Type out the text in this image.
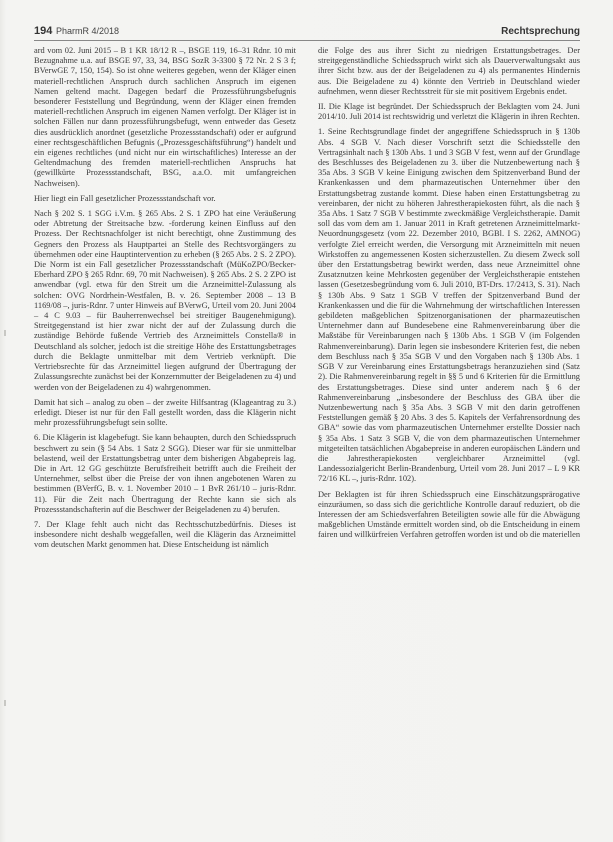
194 PharmR 4/2018	Rechtsprechung

ard vom 02. Juni 2015 – B 1 KR 18/12 R –, BSGE 119, 16–31 Rdnr. 10 mit Bezugnahme u.a. auf BSGE 97, 33, 34, BSG SozR 3-3300 § 72 Nr. 2 S 3 f; BVerwGE 7, 150, 154). So ist ohne weiteres gegeben, wenn der Kläger einen materiell-rechtlichen Anspruch durch sachlichen Anspruch im eigenen Namen geltend macht. Dagegen bedarf die Prozessführungsbefugnis besonderer Feststellung und Begründung, wenn der Kläger einen fremden materiell-rechtlichen Anspruch im eigenen Namen verfolgt. Der Kläger ist in solchen Fällen nur dann prozessführungsbefugt, wenn entweder das Gesetz dies ausdrücklich anordnet (gesetzliche Prozessstandschaft) oder er aufgrund einer rechtsgeschäftlichen Befugnis („Prozessgeschäftsführung“) handelt und ein eigenes rechtliches (und nicht nur ein wirtschaftliches) Interesse an der Geltendmachung des fremden materiell-rechtlichen Anspruchs hat (gewillkürte Prozessstandschaft, BSG, a.a.O. mit umfangreichen Nachweisen).

Hier liegt ein Fall gesetzlicher Prozessstandschaft vor.

Nach § 202 S. 1 SGG i.V.m. § 265 Abs. 2 S. 1 ZPO hat eine Veräußerung oder Abtretung der Streitsache bzw. -forderung keinen Einfluss auf den Prozess. Der Rechtsnachfolger ist nicht berechtigt, ohne Zustimmung des Gegners den Prozess als Hauptpartei an Stelle des Rechtsvorgängers zu übernehmen oder eine Hauptintervention zu erheben (§ 265 Abs. 2 S. 2 ZPO). Die Norm ist ein Fall gesetzlicher Prozessstandschaft (MüKoZPO/Becker-Eberhard ZPO § 265 Rdnr. 69, 70 mit Nachweisen). § 265 Abs. 2 S. 2 ZPO ist anwendbar (vgl. etwa für den Streit um die Arzneimittel-Zulassung als solchen: OVG Nordrhein-Westfalen, B. v. 26. September 2008 – 13 B 1169/08 –, juris-Rdnr. 7 unter Hinweis auf BVerwG, Urteil vom 20. Juni 2004 – 4 C 9.03 – für Bauherrenwechsel bei streitiger Baugenehmigung). Streitgegenstand ist hier zwar nicht der auf der Zulassung durch die zuständige Behörde fußende Vertrieb des Arzneimittels Constella® in Deutschland als solcher, jedoch ist die streitige Höhe des Erstattungsbetrages durch die Beklagte unmittelbar mit dem Vertrieb verknüpft. Die Vertriebsrechte für das Arzneimittel liegen aufgrund der Übertragung der Zulassungsrechte zunächst bei der Konzernmutter der Beigeladenen zu 4) und werden von der Beigeladenen zu 4) wahrgenommen.

Damit hat sich – analog zu oben – der zweite Hilfsantrag (Klageantrag zu 3.) erledigt. Dieser ist nur für den Fall gestellt worden, dass die Klägerin nicht mehr prozessführungsbefugt sein sollte.

6. Die Klägerin ist klagebefugt. Sie kann behaupten, durch den Schiedsspruch beschwert zu sein (§ 54 Abs. 1 Satz 2 SGG). Dieser war für sie unmittelbar belastend, weil der Erstattungsbetrag unter dem bisherigen Abgabepreis lag. Die in Art. 12 GG geschützte Berufsfreiheit betrifft auch die Freiheit der Unternehmer, selbst über die Preise der von ihnen angebotenen Waren zu bestimmen (BVerfG, B. v. 1. November 2010 – 1 BvR 261/10 – juris-Rdnr. 11). Für die Zeit nach Übertragung der Rechte kann sie sich als Prozessstandschafterin auf die Beschwer der Beigeladenen zu 4) berufen.

7. Der Klage fehlt auch nicht das Rechtsschutzbedürfnis. Dieses ist insbesondere nicht deshalb weggefallen, weil die Klägerin das Arzneimittel vom deutschen Markt genommen hat. Diese Entscheidung ist nämlich

die Folge des aus ihrer Sicht zu niedrigen Erstattungsbetrages. Der streitgegenständliche Schiedsspruch wirkt sich als Dauerverwaltungsakt aus ihrer Sicht bzw. aus der der Beigeladenen zu 4) als permanentes Hindernis aus. Die Beigeladene zu 4) könnte den Vertrieb in Deutschland wieder aufnehmen, wenn dieser Rechtsstreit für sie mit positivem Ergebnis endet.

II. Die Klage ist begründet. Der Schiedsspruch der Beklagten vom 24. Juni 2014/10. Juli 2014 ist rechtswidrig und verletzt die Klägerin in ihren Rechten.

1. Seine Rechtsgrundlage findet der angegriffene Schiedsspruch in § 130b Abs. 4 SGB V. Nach dieser Vorschrift setzt die Schiedsstelle den Vertragsinhalt nach § 130b Abs. 1 und 3 SGB V fest, wenn auf der Grundlage des Beschlusses des Beigeladenen zu 3. über die Nutzenbewertung nach § 35a Abs. 3 SGB V keine Einigung zwischen dem Spitzenverband Bund der Krankenkassen und dem pharmazeutischen Unternehmer über den Erstattungsbetrag zustande kommt. Diese haben einen Erstattungsbetrag zu vereinbaren, der nicht zu höheren Jahrestherapiekosten führt, als die nach § 35a Abs. 1 Satz 7 SGB V bestimmte zweckmäßige Vergleichstherapie. Damit soll das vom dem am 1. Januar 2011 in Kraft getretenen Arzneimittelmarkt-Neuordnungsgesetz (vom 22. Dezember 2010, BGBl. I S. 2262, AMNOG) verfolgte Ziel erreicht werden, die Versorgung mit Arzneimitteln mit neuen Wirkstoffen zu angemessenen Kosten sicherzustellen. Zu diesem Zweck soll über den Erstattungsbetrag bewirkt werden, dass neue Arzneimittel ohne Zusatznutzen keine Mehrkosten gegenüber der Vergleichstherapie entstehen lassen (Gesetzesbegründung vom 6. Juli 2010, BT-Drs. 17/2413, S. 31). Nach § 130b Abs. 9 Satz 1 SGB V treffen der Spitzenverband Bund der Krankenkassen und die für die Wahrnehmung der wirtschaftlichen Interessen gebildeten maßgeblichen Spitzenorganisationen der pharmazeutischen Unternehmer dann auf Bundesebene eine Rahmenvereinbarung über die Maßstäbe für Vereinbarungen nach § 130b Abs. 1 SGB V (im Folgenden Rahmenvereinbarung). Darin legen sie insbesondere Kriterien fest, die neben dem Beschluss nach § 35a SGB V und den Vorgaben nach § 130b Abs. 1 SGB V zur Vereinbarung eines Erstattungsbetrags heranzuziehen sind (Satz 2). Die Rahmenvereinbarung regelt in §§ 5 und 6 Kriterien für die Ermittlung des Erstattungsbetrages. Diese sind unter anderem nach § 6 der Rahmenvereinbarung „insbesondere der Beschluss des GBA über die Nutzenbewertung nach § 35a Abs. 3 SGB V mit den darin getroffenen Feststellungen gemäß § 20 Abs. 3 des 5. Kapitels der Verfahrensordnung des GBA“ sowie das vom pharmazeutischen Unternehmer erstellte Dossier nach § 35a Abs. 1 Satz 3 SGB V, die von dem pharmazeutischen Unternehmer mitgeteilten tatsächlichen Abgabepreise in anderen europäischen Ländern und die Jahrestherapiekosten vergleichbarer Arzneimittel (vgl. Landessozialgericht Berlin-Brandenburg, Urteil vom 28. Juni 2017 – L 9 KR 72/16 KL –, juris-Rdnr. 102).

Der Beklagten ist für ihren Schiedsspruch eine Einschätzungsprärogative einzuräumen, so dass sich die gerichtliche Kontrolle darauf reduziert, ob die Interessen der am Schiedsverfahren Beteiligten sowie alle für die Abwägung maßgeblichen Umstände ermittelt worden sind, ob die Entscheidung in einem fairen und willkürfreien Verfahren getroffen worden ist und ob die materiellen
